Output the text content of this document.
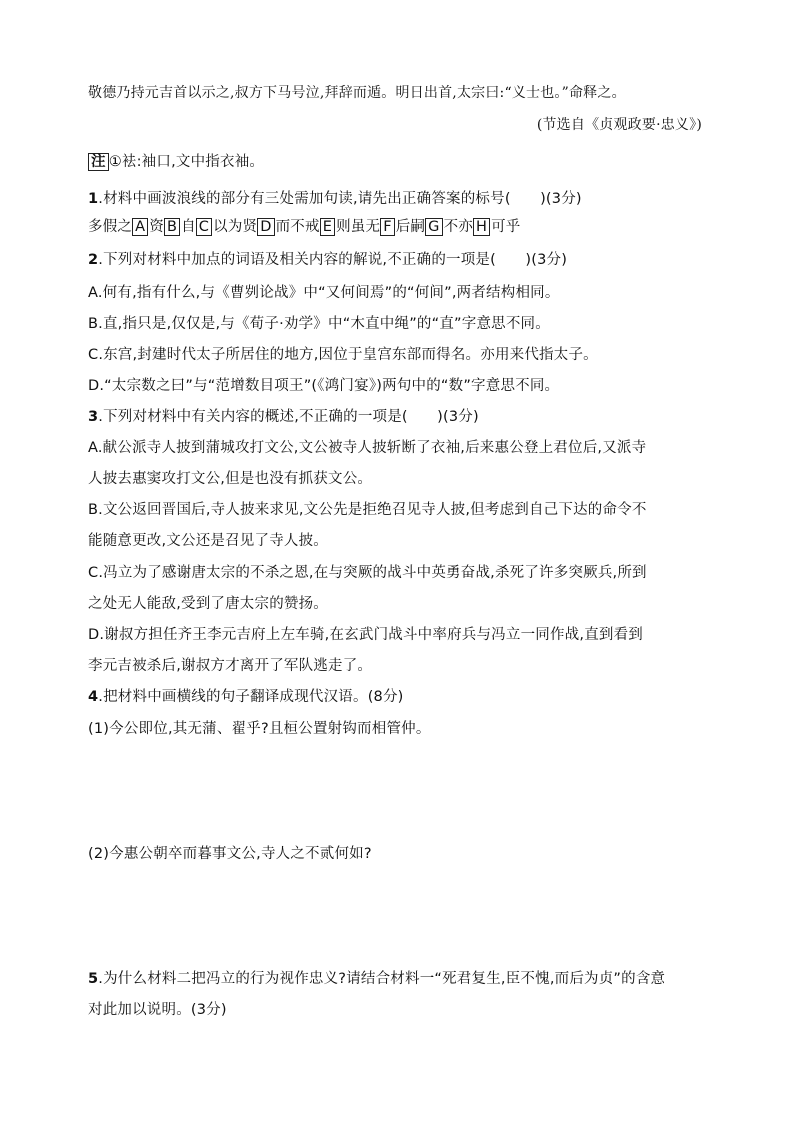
敬德乃持元吉首以示之,叔方下马号泣,拜辞而遁。明日出首,太宗曰:“义士也。”命释之。
(节选自《贞观政要·忠义》)
注 ①袪:袖口,文中指衣袖。
1.材料中画波浪线的部分有三处需加句读,请先出正确答案的标号(　　)(3分)
多假之 A 资 B 自 C 以为贤 D 而不戒 E 则虽无 F 后嗣 G 不亦 H 可乎
2.下列对材料中加点的词语及相关内容的解说,不正确的一项是(　　)(3分)
A.何有,指有什么,与《曹刿论战》中“又何间焉”的“何间”,两者结构相同。
B.直,指只是,仅仅是,与《荀子·劝学》中“木直中绳”的“直”字意思不同。
C.东宫,封建时代太子所居住的地方,因位于皇宫东部而得名。亦用来代指太子。
D.“太宗数之曰”与“范增数目项王”(《鸿门宴》)两句中的“数”字意思不同。
3.下列对材料中有关内容的概述,不正确的一项是(　　)(3分)
A.献公派寺人披到蒲城攻打文公,文公被寺人披斩断了衣袖,后来惠公登上君位后,又派寺
人披去惠窦攻打文公,但是也没有抓获文公。
B.文公返回晋国后,寺人披来求见,文公先是拒绝召见寺人披,但考虑到自己下达的命令不
能随意更改,文公还是召见了寺人披。
C.冯立为了感谢唐太宗的不杀之恩,在与突厥的战斗中英勇奋战,杀死了许多突厥兵,所到
之处无人能敌,受到了唐太宗的赞扬。
D.谢叔方担任齐王李元吉府上左车骑,在玄武门战斗中率府兵与冯立一同作战,直到看到
李元吉被杀后,谢叔方才离开了军队逃走了。
4.把材料中画横线的句子翻译成现代汉语。(8分)
(1)今公即位,其无蒲、翟乎?且桓公置射钩而相管仲。
(2)今惠公朝卒而暮事文公,寺人之不贰何如?
5.为什么材料二把冯立的行为视作忠义?请结合材料一“死君复生,臣不愧,而后为贞”的含意
对此加以说明。(3分)
